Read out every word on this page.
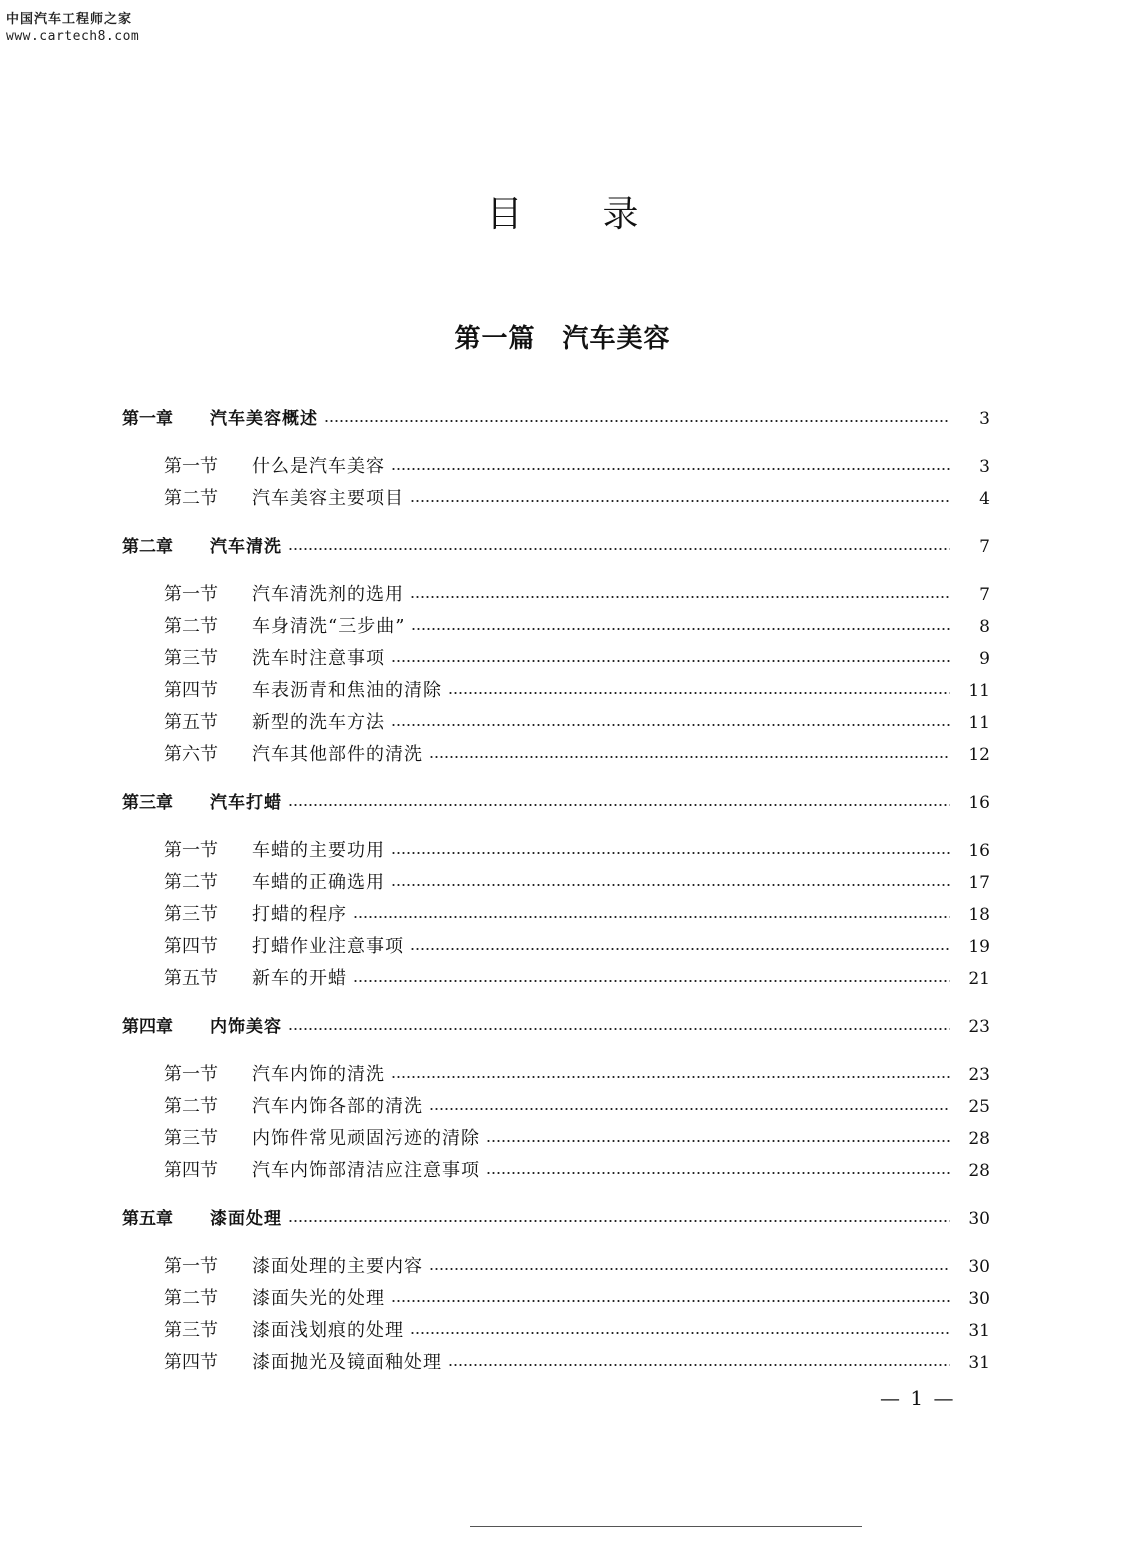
中国汽车工程师之家
www.cartech8.com
目录
第一篇　汽车美容
第一章	汽车美容概述	3
第一节	什么是汽车美容	3
第二节	汽车美容主要项目	4
第二章	汽车清洗	7
第一节	汽车清洗剂的选用	7
第二节	车身清洗“三步曲”	8
第三节	洗车时注意事项	9
第四节	车表沥青和焦油的清除	11
第五节	新型的洗车方法	11
第六节	汽车其他部件的清洗	12
第三章	汽车打蜡	16
第一节	车蜡的主要功用	16
第二节	车蜡的正确选用	17
第三节	打蜡的程序	18
第四节	打蜡作业注意事项	19
第五节	新车的开蜡	21
第四章	内饰美容	23
第一节	汽车内饰的清洗	23
第二节	汽车内饰各部的清洗	25
第三节	内饰件常见顽固污迹的清除	28
第四节	汽车内饰部清洁应注意事项	28
第五章	漆面处理	30
第一节	漆面处理的主要内容	30
第二节	漆面失光的处理	30
第三节	漆面浅划痕的处理	31
第四节	漆面抛光及镜面釉处理	31
— 1 —
